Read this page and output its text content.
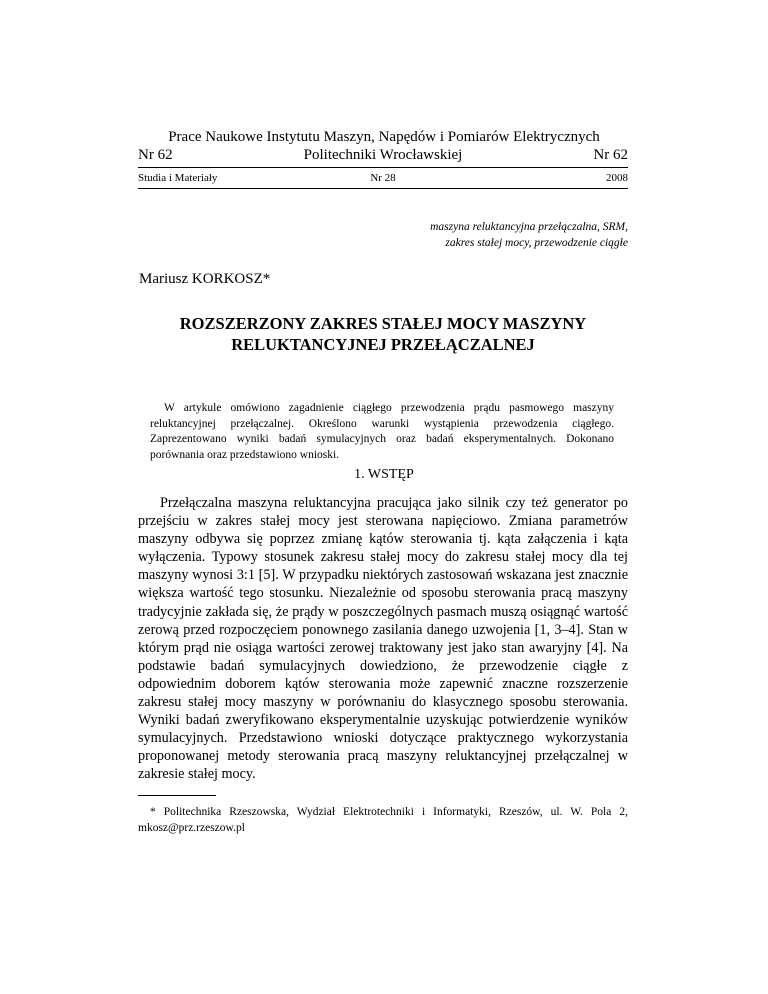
Prace Naukowe Instytutu Maszyn, Napędów i Pomiarów Elektrycznych
Nr 62	Politechniki Wrocławskiej	Nr 62
Studia i Materiały	Nr 28	2008
maszyna reluktancyjna przełączalna, SRM,
zakres stałej mocy, przewodzenie ciągłe
Mariusz KORKOSZ*
ROZSZERZONY ZAKRES STAŁEJ MOCY MASZYNY
RELUKTANCYJNEJ PRZEŁĄCZALNEJ
W artykule omówiono zagadnienie ciągłego przewodzenia prądu pasmowego maszyny reluktancyjnej przełączalnej. Określono warunki wystąpienia przewodzenia ciągłego. Zaprezentowano wyniki badań symulacyjnych oraz badań eksperymentalnych. Dokonano porównania oraz przedstawiono wnioski.
1. WSTĘP
Przełączalna maszyna reluktancyjna pracująca jako silnik czy też generator po przejściu w zakres stałej mocy jest sterowana napięciowo. Zmiana parametrów maszyny odbywa się poprzez zmianę kątów sterowania tj. kąta załączenia i kąta wyłączenia. Typowy stosunek zakresu stałej mocy do zakresu stałej mocy dla tej maszyny wynosi 3:1 [5]. W przypadku niektórych zastosowań wskazana jest znacznie większa wartość tego stosunku. Niezależnie od sposobu sterowania pracą maszyny tradycyjnie zakłada się, że prądy w poszczególnych pasmach muszą osiągnąć wartość zerową przed rozpoczęciem ponownego zasilania danego uzwojenia [1, 3–4]. Stan w którym prąd nie osiąga wartości zerowej traktowany jest jako stan awaryjny [4]. Na podstawie badań symulacyjnych dowiedziono, że przewodzenie ciągłe z odpowiednim doborem kątów sterowania może zapewnić znaczne rozszerzenie zakresu stałej mocy maszyny w porównaniu do klasycznego sposobu sterowania. Wyniki badań zweryfikowano eksperymentalnie uzyskując potwierdzenie wyników symulacyjnych. Przedstawiono wnioski dotyczące praktycznego wykorzystania proponowanej metody sterowania pracą maszyny reluktancyjnej przełączalnej w zakresie stałej mocy.
* Politechnika Rzeszowska, Wydział Elektrotechniki i Informatyki, Rzeszów, ul. W. Pola 2, mkosz@prz.rzeszow.pl
